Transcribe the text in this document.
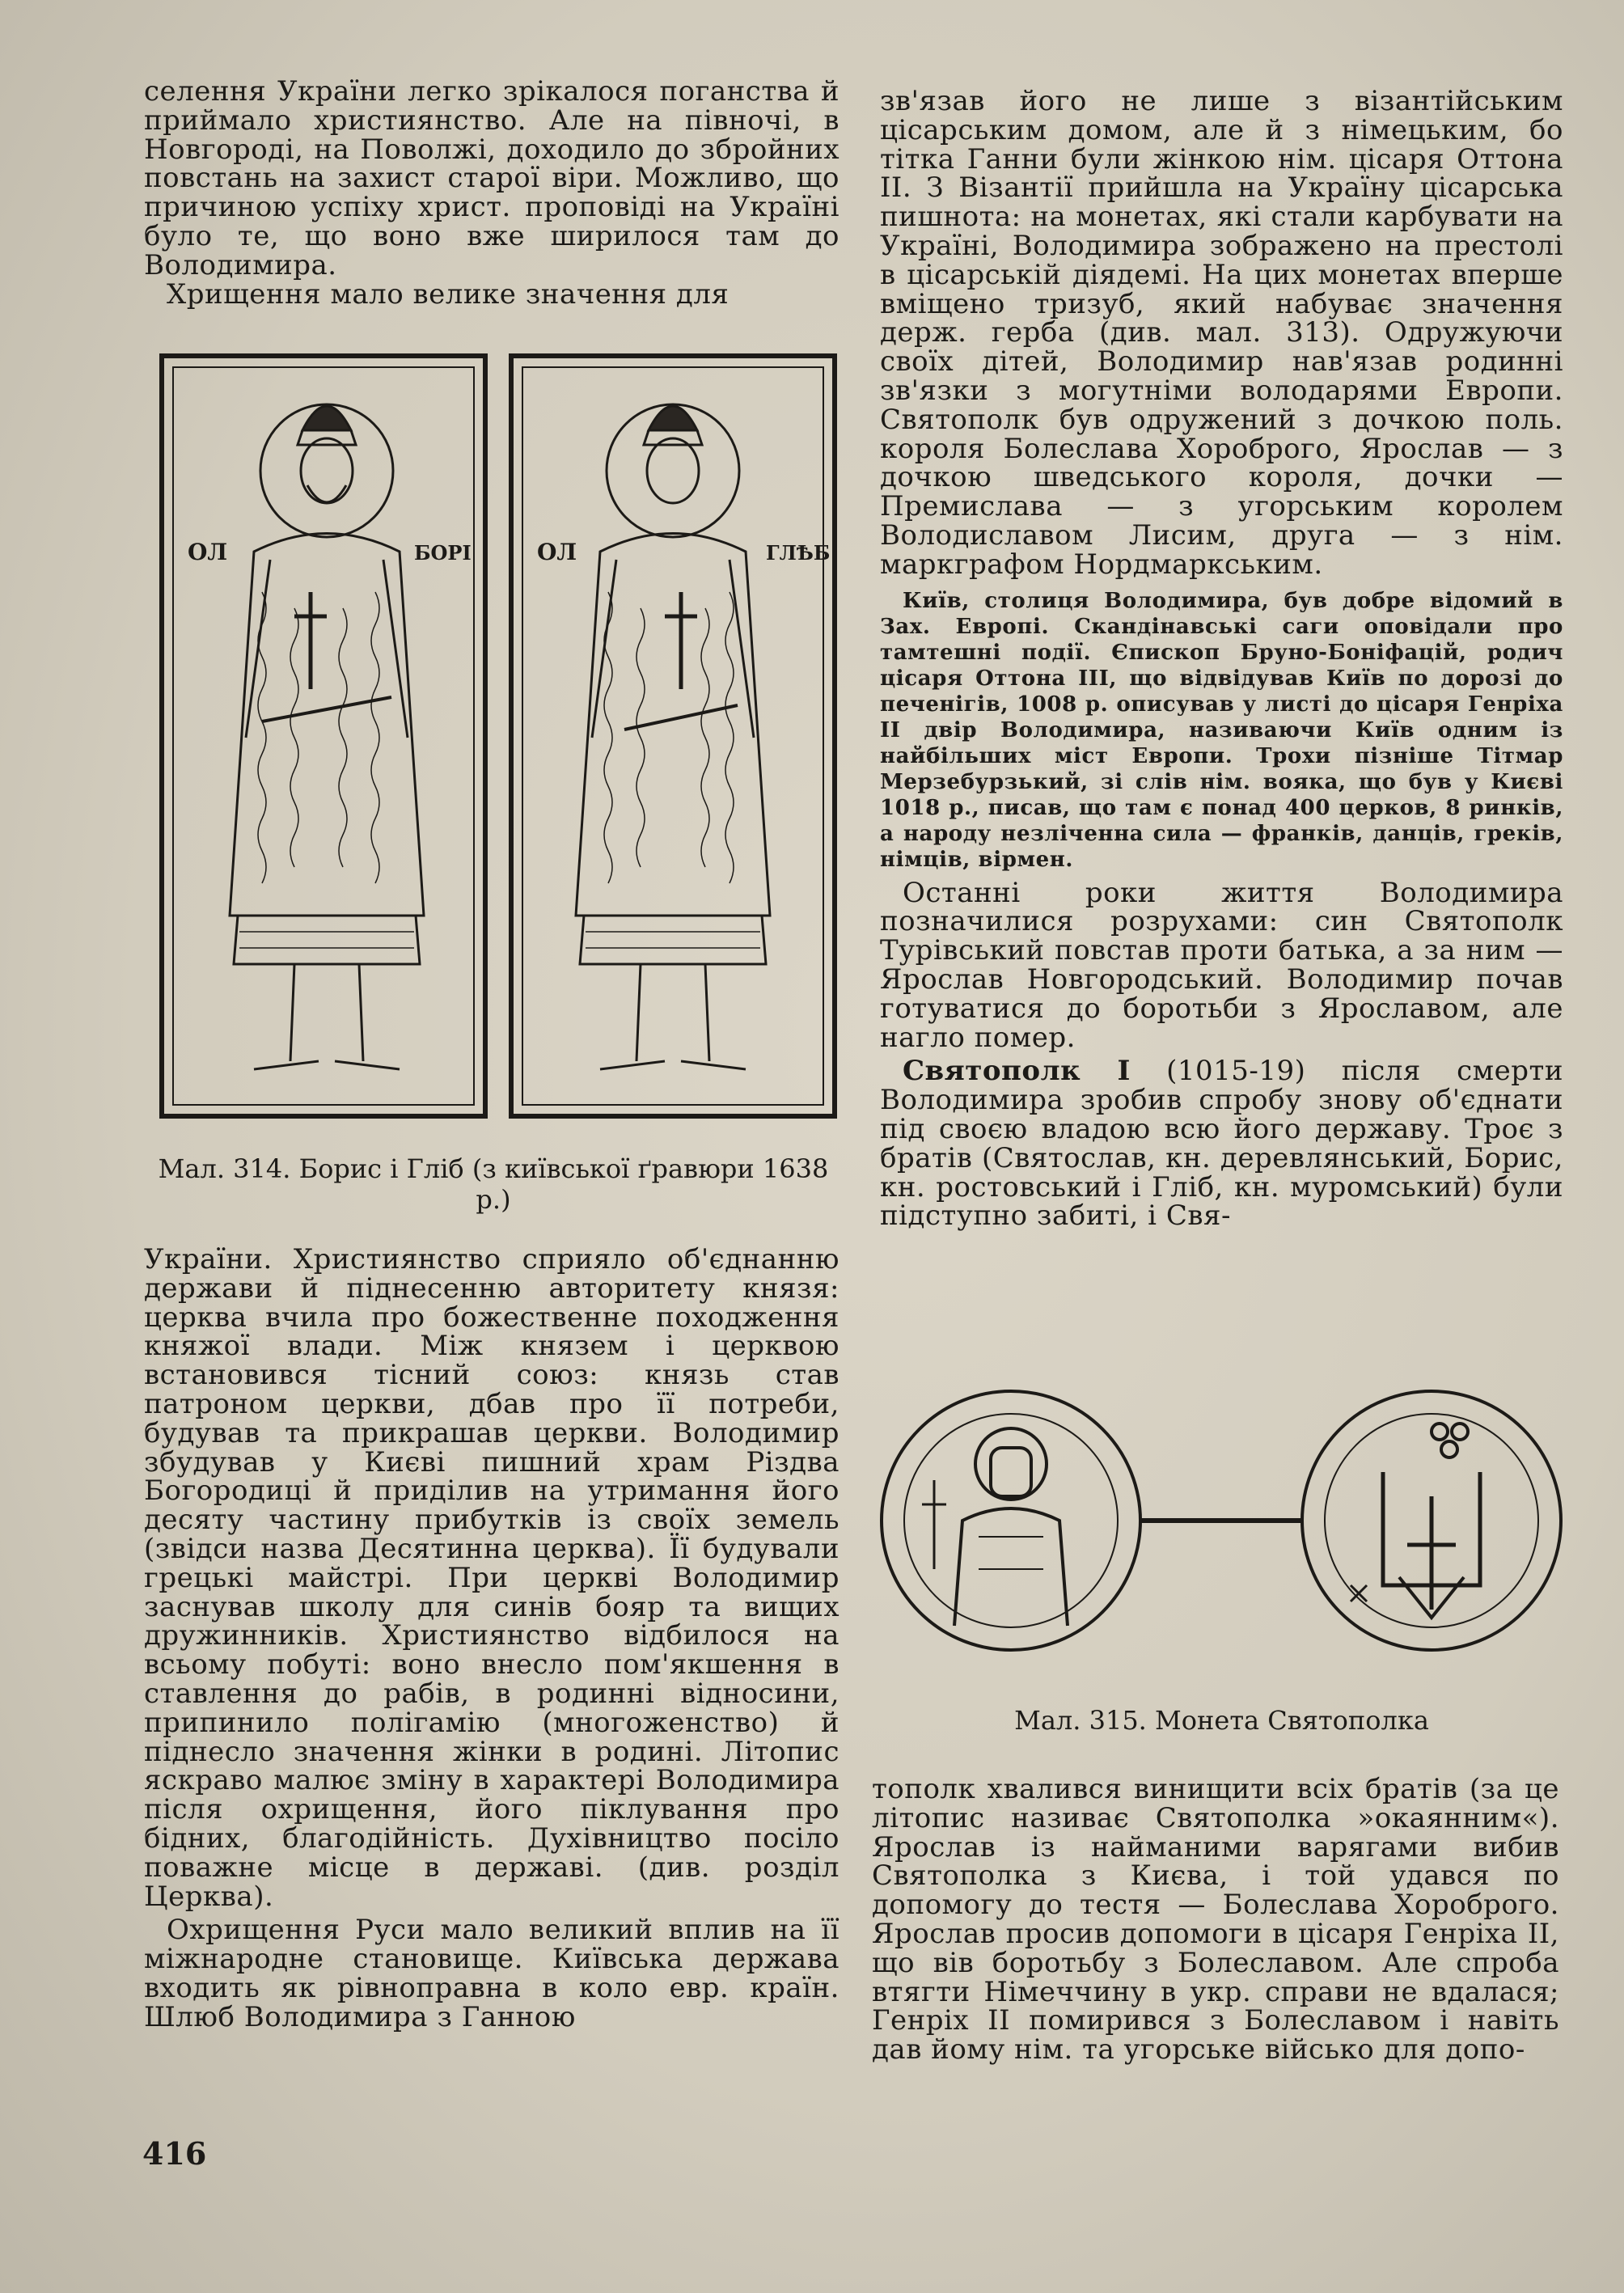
селення України легко зрікалося поганства й приймало християнство. Але на півночі, в Новгороді, на Поволжі, доходило до збройних повстань на захист старої віри. Можливо, що причиною успіху христ. проповіді на Україні було те, що воно вже ширилося там до Володимира.

Хрищення мало велике значення для

ОЛ	БОРІ	ОЛ	ГЛѢБ

Мал. 314. Борис і Гліб (з київської ґравюри 1638 р.)

України. Християнство сприяло об'єднанню держави й піднесенню авторитету князя: церква вчила про божественне походження княжої влади. Між князем і церквою встановився тісний союз: князь став патроном церкви, дбав про її потреби, будував та прикрашав церкви. Володимир збудував у Києві пишний храм Різдва Богородиці й приділив на утримання його десяту частину прибутків із своїх земель (звідси назва Десятинна церква). Її будували грецькі майстрі. При церкві Володимир заснував школу для синів бояр та вищих дружинників. Християнство відбилося на всьому побуті: воно внесло пом'якшення в ставлення до рабів, в родинні відносини, припинило полігамію (многоженство) й піднесло значення жінки в родині. Літопис яскраво малює зміну в характері Володимира після охрищення, його піклування про бідних, благодійність. Духівництво посіло поважне місце в державі. (див. розділ Церква).

Охрищення Руси мало великий вплив на її міжнародне становище. Київська держава входить як рівноправна в коло евр. країн. Шлюб Володимира з Ганною

зв'язав його не лише з візантійським цісарським домом, але й з німецьким, бо тітка Ганни були жінкою нім. цісаря Оттона II. З Візантії прийшла на Україну цісарська пишнота: на монетах, які стали карбувати на Україні, Володимира зображено на престолі в цісарській діядемі. На цих монетах вперше вміщено тризуб, який набуває значення держ. герба (див. мал. 313). Одружуючи своїх дітей, Володимир нав'язав родинні зв'язки з могутніми володарями Европи. Святополк був одружений з дочкою поль. короля Болеслава Хороброго, Ярослав — з дочкою шведського короля, дочки — Премислава — з угорським королем Володиславом Лисим, друга — з нім. маркграфом Нордмаркським.

Київ, столиця Володимира, був добре відомий в Зах. Европі. Скандінавські саги оповідали про тамтешні події. Єпископ Бруно-Боніфацій, родич цісаря Оттона III, що відвідував Київ по дорозі до печенігів, 1008 р. описував у листі до цісаря Генріха II двір Володимира, називаючи Київ одним із найбільших міст Европи. Трохи пізніше Тітмар Мерзебурзький, зі слів нім. вояка, що був у Києві 1018 р., писав, що там є понад 400 церков, 8 ринків, а народу незліченна сила — франків, данців, греків, німців, вірмен.

Останні роки життя Володимира позначилися розрухами: син Святополк Турівський повстав проти батька, а за ним — Ярослав Новгородський. Володимир почав готуватися до боротьби з Ярославом, але нагло помер.

Святополк I (1015-19) після смерти Володимира зробив спробу знову об'єднати під своєю владою всю його державу. Троє з братів (Святослав, кн. деревлянський, Борис, кн. ростовський і Гліб, кн. муромський) були підступно забиті, і Свя-

Мал. 315. Монета Святополка

тополк хвалився винищити всіх братів (за це літопис називає Святополка »окаянним«). Ярослав із найманими варягами вибив Святополка з Києва, і той удався по допомогу до тестя — Болеслава Хороброго. Ярослав просив допомоги в цісаря Генріха II, що вів боротьбу з Болеславом. Але спроба втягти Німеччину в укр. справи не вдалася; Генріх II помирився з Болеславом і навіть дав йому нім. та угорське військо для допо-

416
